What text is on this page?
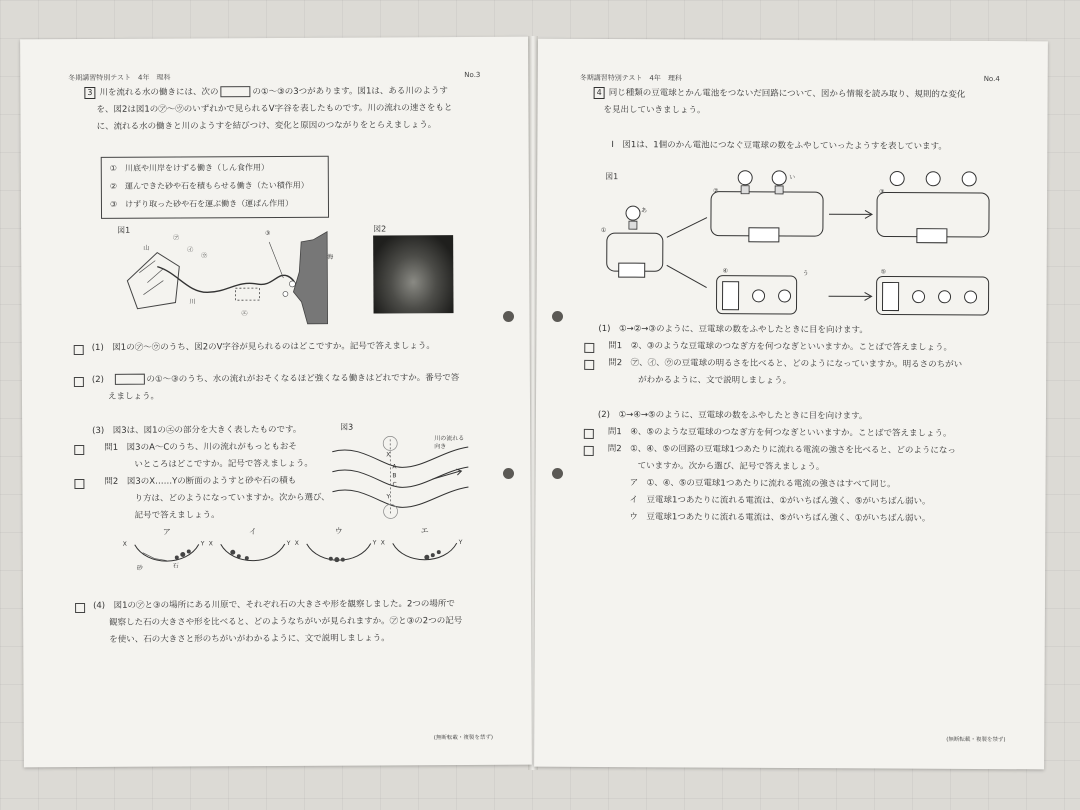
冬期講習特別テスト　4年　理科	No.3
3 川を流れる水の働きには、次の	の①～③の3つがあります。図1は、ある川のようす
を、図2は図1の㋐～㋒のいずれかで見られるV字谷を表したものです。川の流れの速さをもと
に、流れる水の働きと川のようすを結びつけ、変化と原因のつながりをとらえましょう。
①　川底や川岸をけずる働き（しん食作用）
②　運んできた砂や石を積もらせる働き（たい積作用）
③　けずり取った砂や石を運ぶ働き（運ぱん作用）
図1
山
㋐
㋑
㋒
㋓
③
川
海
図2
(1)　 図1の㋐～㋒のうち、図2のV字谷が見られるのはどこですか。記号で答えましょう。
(2)　	の①～③のうち、水の流れがおそくなるほど強くなる働きはどれですか。番号で答
えましょう。
(3)　 図3は、図1の㋓の部分を大きく表したものです。
問1　図3のA～Cのうち、川の流れがもっともおそ
いところはどこですか。記号で答えましょう。
問2　図3のX……Yの断面のようすと砂や石の積も
り方は、どのようになっていますか。次から選び、
記号で答えましょう。
図3
川の流れる
向き
X
A
B
C
Y
ア	イ	ウ	エ
X	Y X	Y X	Y X	Y
砂	石
(4)　 図1の㋐と③の場所にある川原で、それぞれ石の大きさや形を観察しました。2つの場所で
観察した石の大きさや形を比べると、どのようなちがいが見られますか。㋐と③の2つの記号
を使い、石の大きさと形のちがいがわかるように、文で説明しましょう。
(無断転載・複製を禁ず)
冬期講習特別テスト　4年　理科	No.4
4 同じ種類の豆電球とかん電池をつないだ回路について、図から情報を読み取り、規則的な変化
を見出していきましょう。
Ⅰ　図1は、1個のかん電池につなぐ豆電球の数をふやしていったようすを表しています。
図1
①
あ
②
い
③
④	う	⑤
(1)　 ①→②→③のように、豆電球の数をふやしたときに目を向けます。
問1　②、③のような豆電球のつなぎ方を何つなぎといいますか。ことばで答えましょう。
問2　㋐、㋑、㋒の豆電球の明るさを比べると、どのようになっていますか。明るさのちがい
がわかるように、文で説明しましょう。
(2)　 ①→④→⑤のように、豆電球の数をふやしたときに目を向けます。
問1　④、⑤のような豆電球のつなぎ方を何つなぎといいますか。ことばで答えましょう。
問2　①、④、⑤の回路の豆電球1つあたりに流れる電流の強さを比べると、どのようになっ
ていますか。次から選び、記号で答えましょう。
ア　①、④、⑤の豆電球1つあたりに流れる電流の強さはすべて同じ。
イ　豆電球1つあたりに流れる電流は、①がいちばん強く、⑤がいちばん弱い。
ウ　豆電球1つあたりに流れる電流は、⑤がいちばん強く、①がいちばん弱い。
(無断転載・複製を禁ず)
